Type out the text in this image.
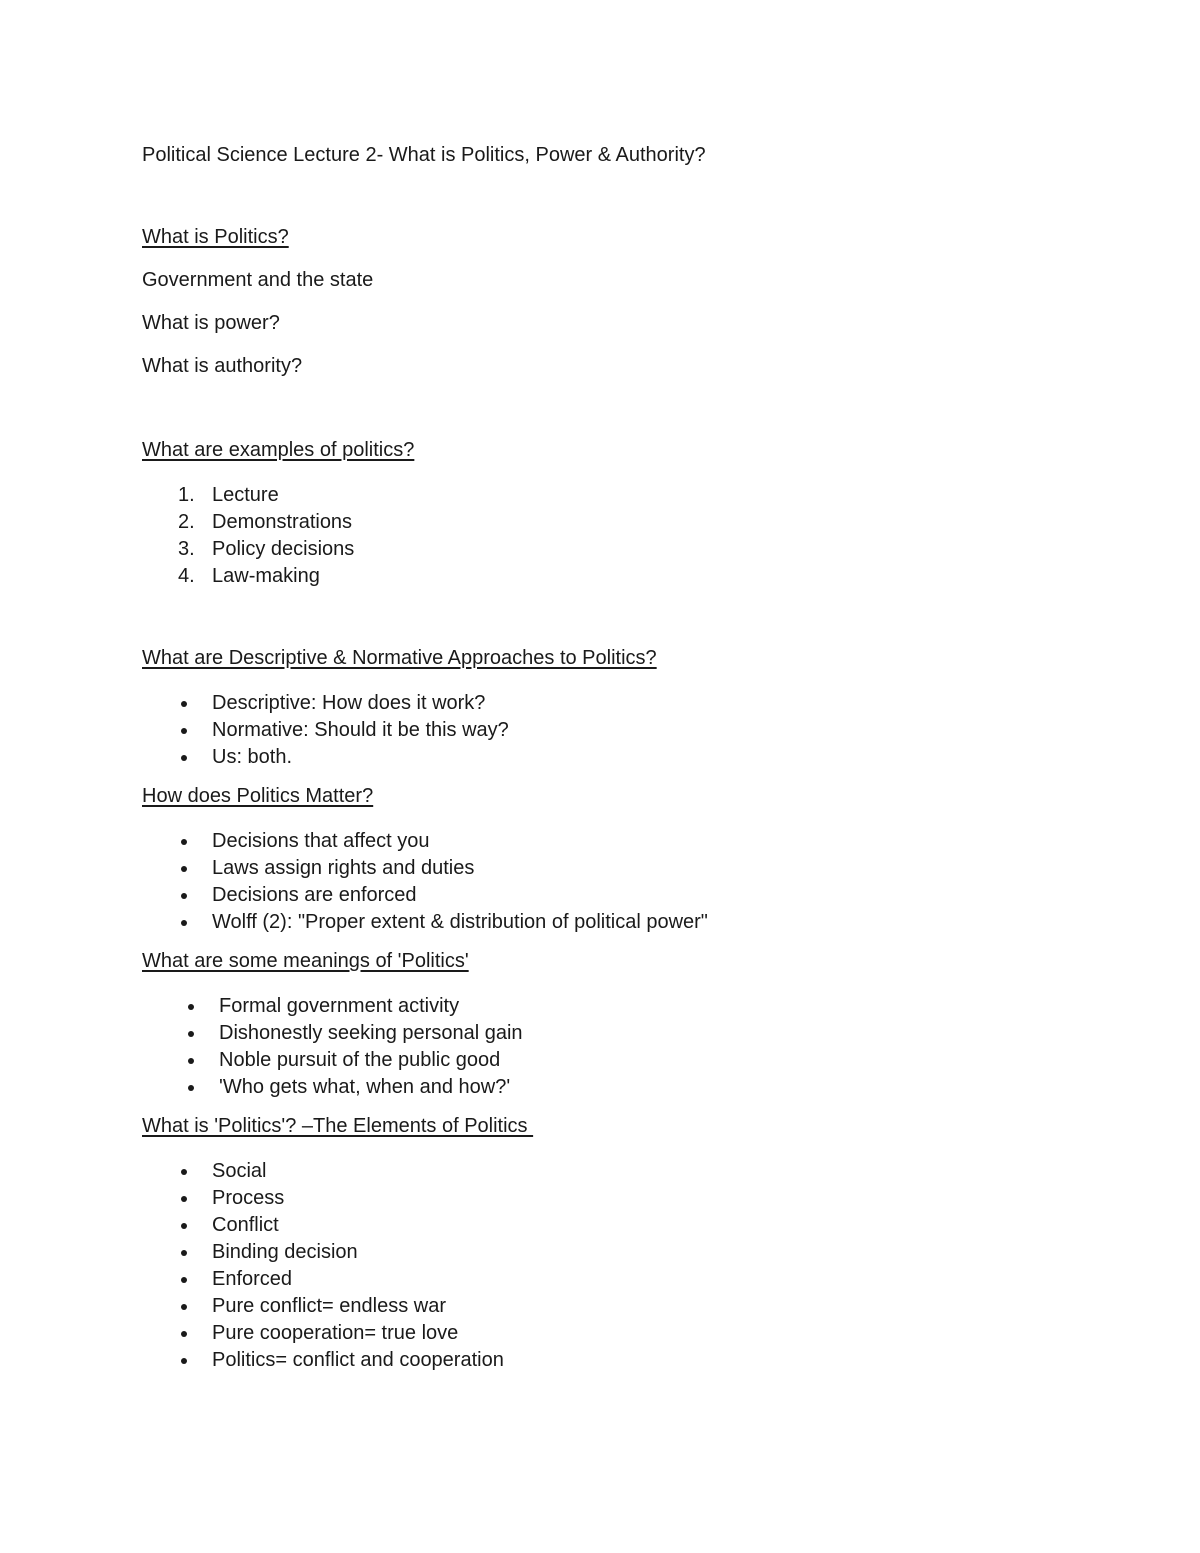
Political Science Lecture 2- What is Politics, Power & Authority?

What is Politics?

Government and the state

What is power?

What is authority?

What are examples of politics?

Lecture
Demonstrations
Policy decisions
Law-making

What are Descriptive & Normative Approaches to Politics?

Descriptive: How does it work?
Normative: Should it be this way?
Us: both.

How does Politics Matter?

Decisions that affect you
Laws assign rights and duties
Decisions are enforced
Wolff (2): "Proper extent & distribution of political power"

What are some meanings of 'Politics'

Formal government activity
Dishonestly seeking personal gain
Noble pursuit of the public good
'Who gets what, when and how?'

What is 'Politics'? –The Elements of Politics

Social
Process
Conflict
Binding decision
Enforced
Pure conflict= endless war
Pure cooperation= true love
Politics= conflict and cooperation
